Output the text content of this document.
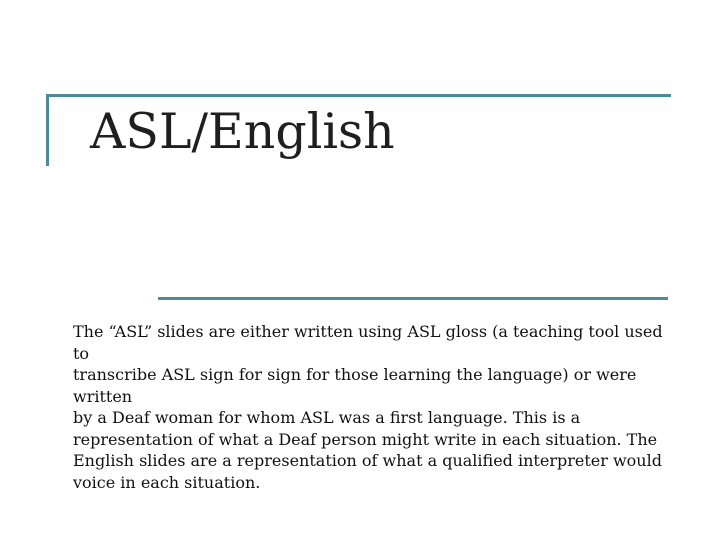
ASL/English
The “ASL” slides are either written using ASL gloss (a teaching tool used to
transcribe ASL sign for sign for those learning the language) or were written
by a Deaf woman for whom ASL was a first language. This is a
representation of what a Deaf person might write in each situation. The
English slides are a representation of what a qualified interpreter would
voice in each situation.
